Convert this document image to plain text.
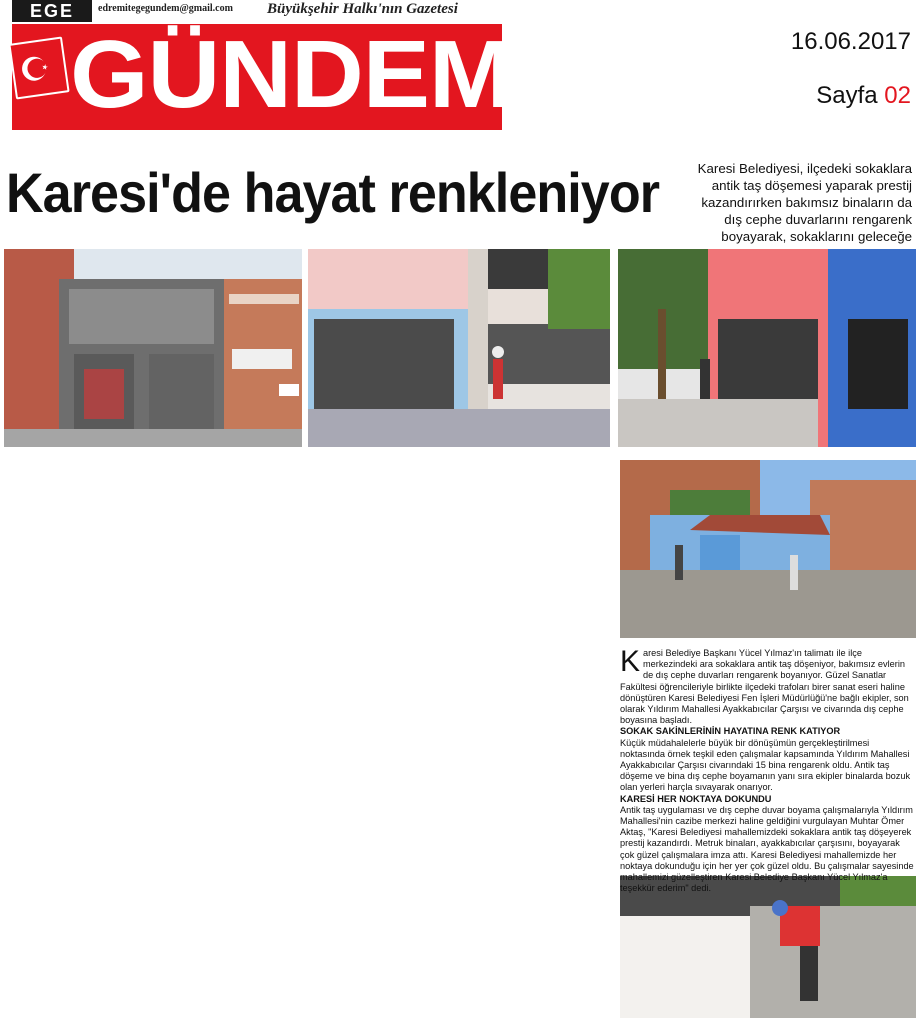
EGE	edremitegegundem@gmail.com Büyükşehir Halkı'nın Gazetesi
GÜNDEM	16.06.2017
Sayfa 02
Karesi'de hayat renkleniyor	Karesi Belediyesi, ilçedeki sokaklara antik taş döşemesi yaparak prestij kazandırırken bakımsız binaların da dış cephe duvarlarını rengarenk boyayarak, sokaklarını geleceğe

Karesi Belediye Başkanı Yücel Yılmaz'ın talimatı ile ilçe merkezindeki ara sokaklara antik taş döşeniyor, bakımsız evlerin de dış cephe duvarları rengarenk boyanıyor. Güzel Sanatlar Fakültesi öğrencileriyle birlikte ilçedeki trafoları birer sanat eseri haline dönüştüren Karesi Belediyesi Fen İşleri Müdürlüğü'ne bağlı ekipler, son olarak Yıldırım Mahallesi Ayakkabıcılar Çarşısı ve civarında dış cephe boyasına başladı.

SOKAK SAKİNLERİNİN HAYATINA RENK KATIYOR

Küçük müdahalelerle büyük bir dönüşümün gerçekleştirilmesi noktasında örnek teşkil eden çalışmalar kapsamında Yıldırım Mahallesi Ayakkabıcılar Çarşısı civarındaki 15 bina rengarenk oldu. Antik taş döşeme ve bina dış cephe boyamanın yanı sıra ekipler binalarda bozuk olan yerleri harçla sıvayarak onarıyor.

KARESİ HER NOKTAYA DOKUNDU

Antik taş uygulaması ve dış cephe duvar boyama çalışmalarıyla Yıldırım Mahallesi'nin cazibe merkezi haline geldiğini vurgulayan Muhtar Ömer Aktaş, "Karesi Belediyesi mahallemizdeki sokaklara antik taş döşeyerek prestij kazandırdı. Metruk binaları, ayakkabıcılar çarşısını, boyayarak çok güzel çalışmalara imza attı. Karesi Belediyesi mahallemizde her noktaya dokunduğu için her yer çok güzel oldu. Bu çalışmalar sayesinde mahallemizi güzelleştiren Karesi Belediye Başkanı Yücel Yılmaz'a teşekkür ederim" dedi.
